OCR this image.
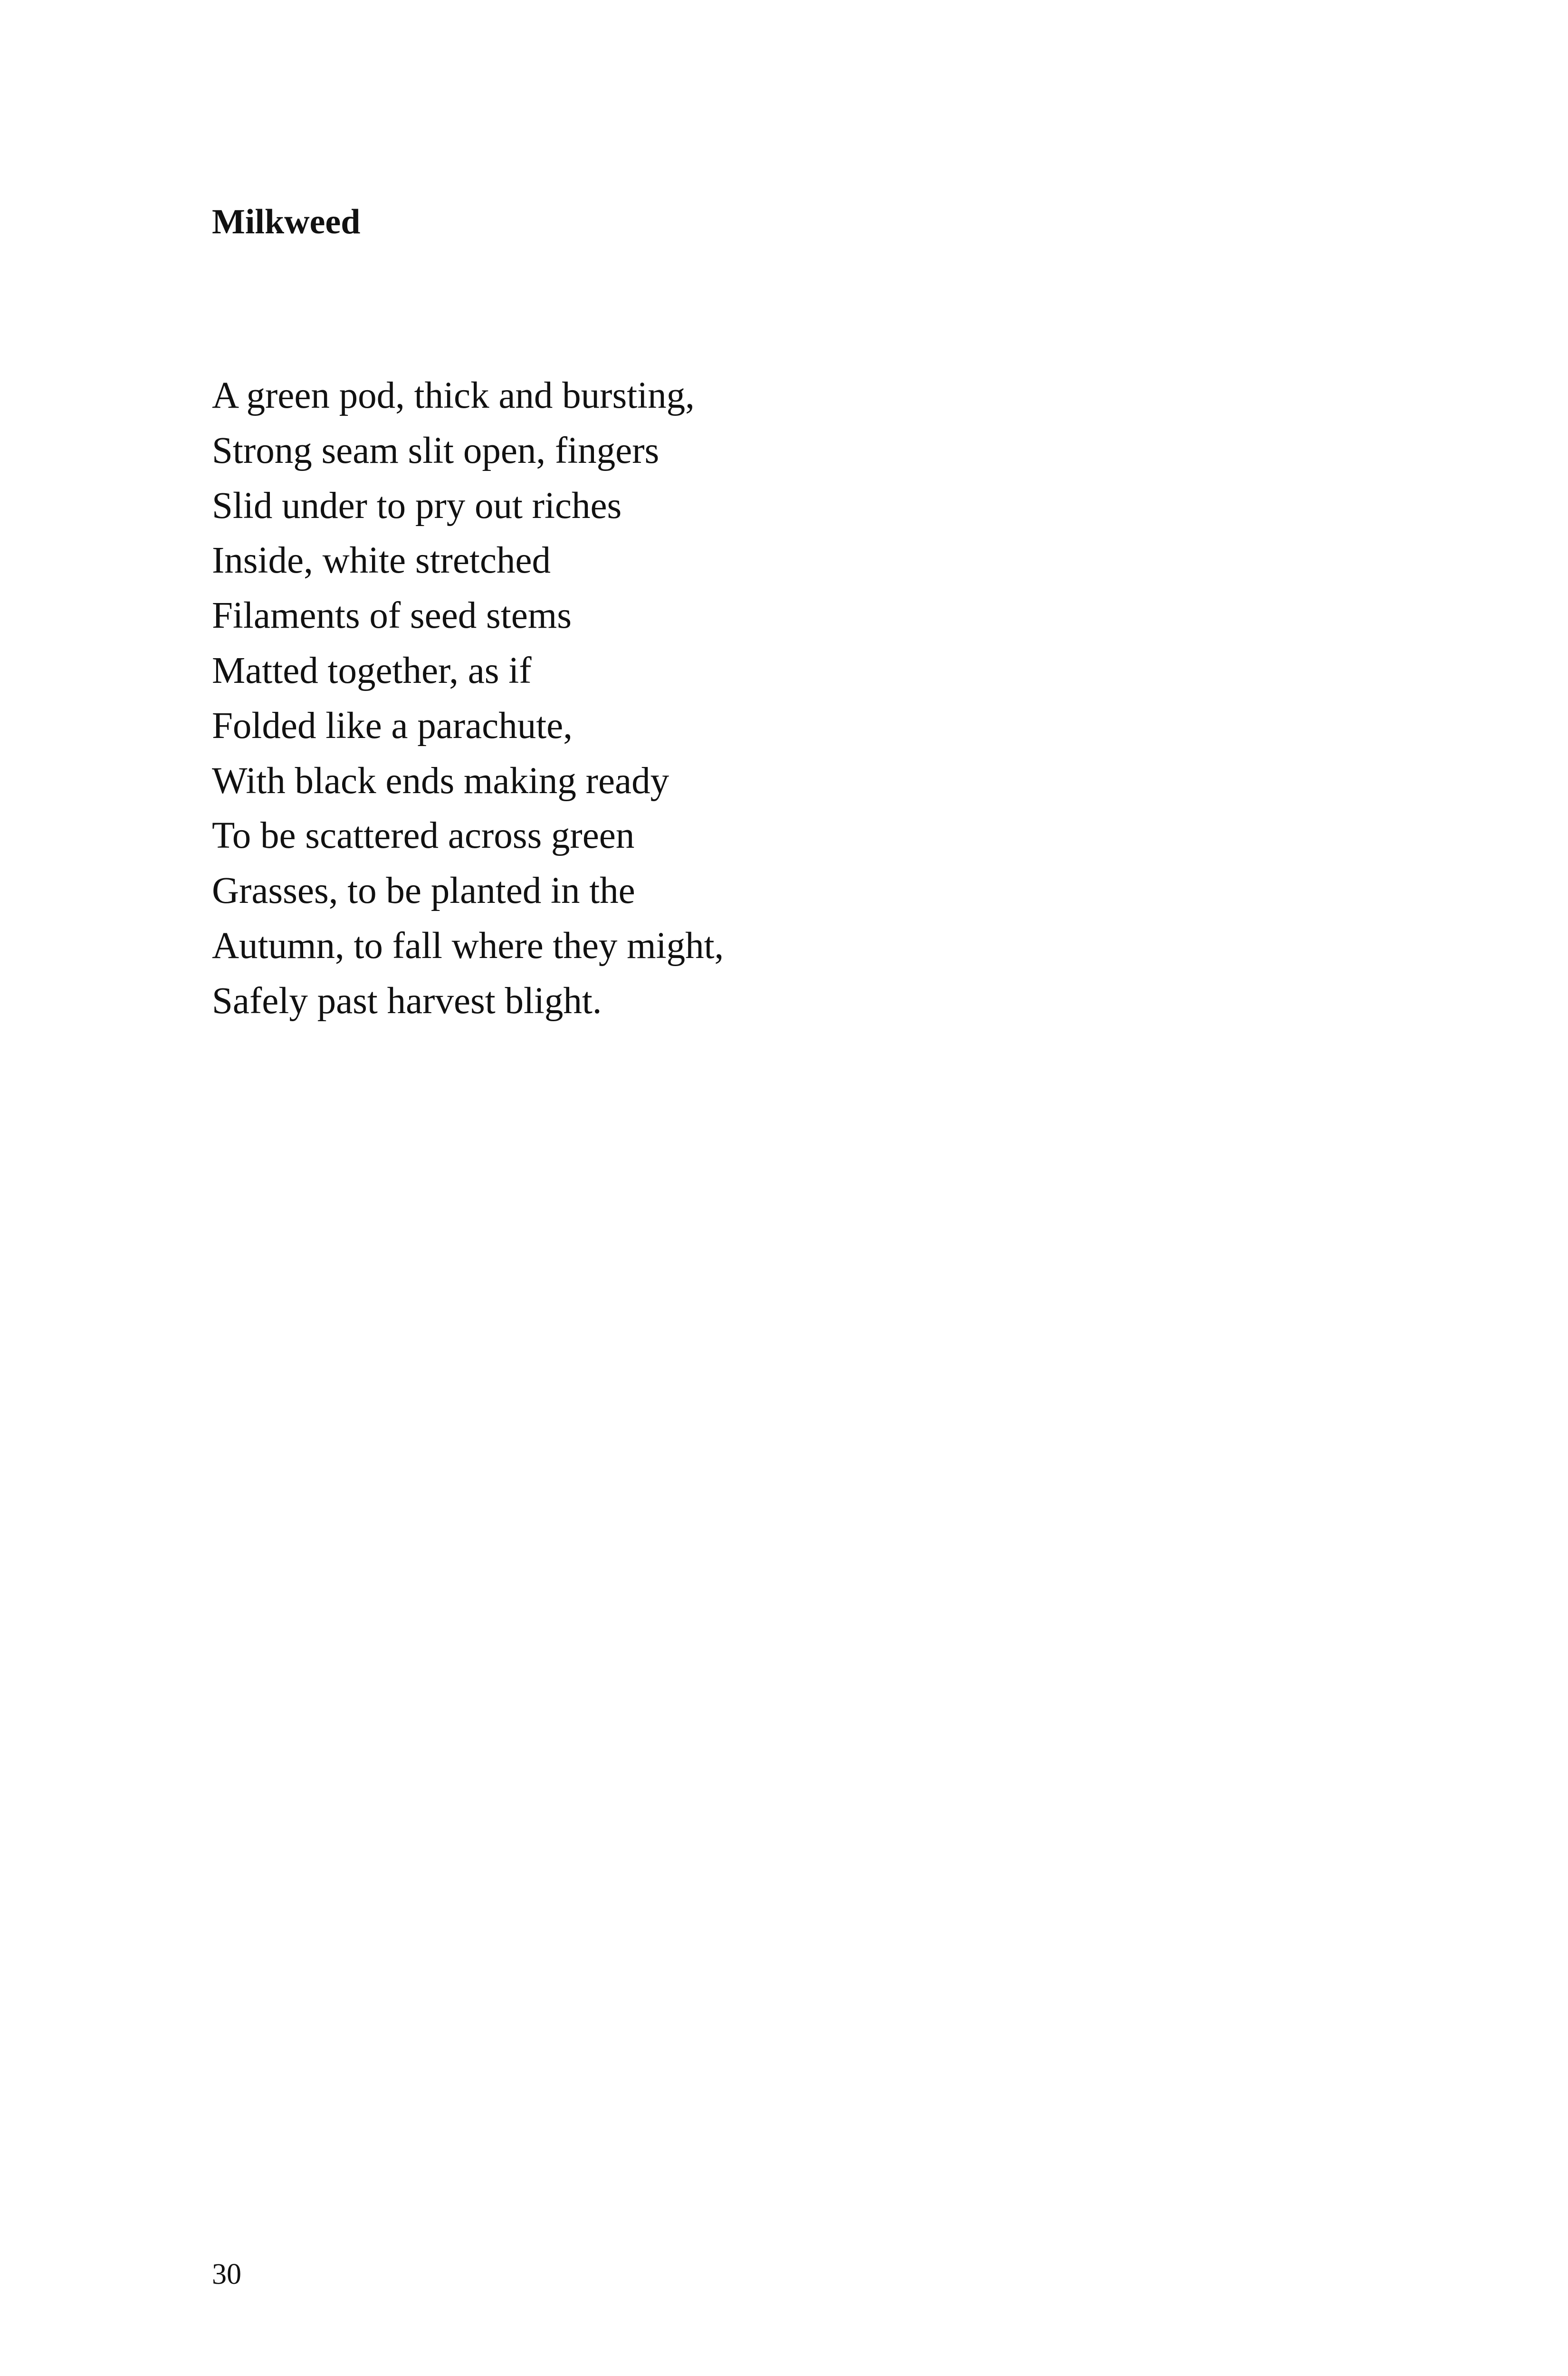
Milkweed
A green pod, thick and bursting,
Strong seam slit open, fingers
Slid under to pry out riches
Inside, white stretched
Filaments of seed stems
Matted together, as if
Folded like a parachute,
With black ends making ready
To be scattered across green
Grasses, to be planted in the
Autumn, to fall where they might,
Safely past harvest blight.

30
